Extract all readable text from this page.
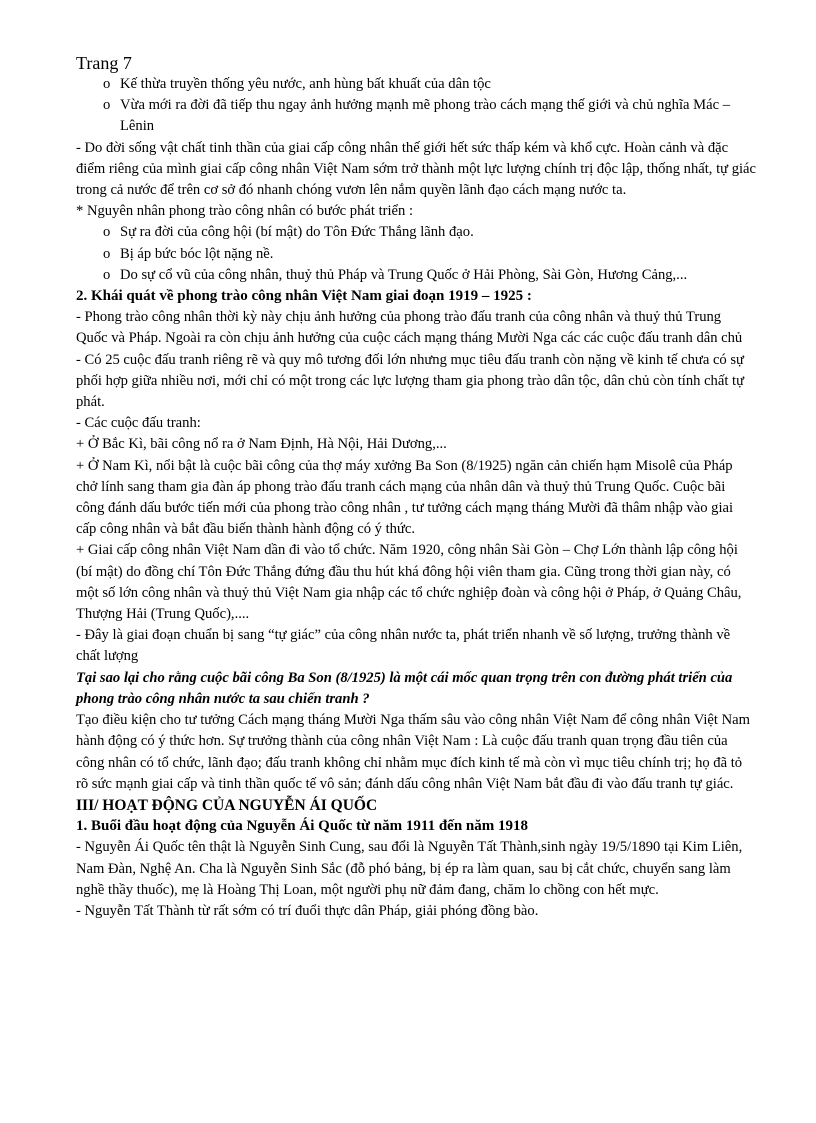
Trang 7
o Kế thừa truyền thống yêu nước, anh hùng bất khuất của dân tộc
o Vừa mới ra đời đã tiếp thu ngay ảnh hưởng mạnh mẽ phong trào cách mạng thế giới và chủ nghĩa Mác – Lênin
- Do đời sống vật chất tinh thần của giai cấp công nhân thế giới hết sức thấp kém và khổ cực. Hoàn cảnh và đặc điểm riêng của mình giai cấp công nhân Việt Nam sớm trở thành một lực lượng chính trị độc lập, thống nhất, tự giác trong cả nước để trên cơ sở đó nhanh chóng vươn lên nắm quyền lãnh đạo cách mạng nước ta.
* Nguyên nhân phong trào công nhân có bước phát triển :
o Sự ra đời của công hội (bí mật) do Tôn Đức Thắng lãnh đạo.
o Bị áp bức bóc lột nặng nề.
o Do sự cổ vũ của công nhân, thuỷ thủ Pháp và Trung Quốc ở Hải Phòng, Sài Gòn, Hương Cảng,...
2. Khái quát về phong trào công nhân Việt Nam giai đoạn 1919 – 1925 :
- Phong trào công nhân thời kỳ này chịu ảnh hưởng của phong trào đấu tranh của công nhân và thuỷ thủ Trung Quốc và Pháp. Ngoài ra còn chịu ảnh hưởng của cuộc cách mạng tháng Mười Nga các các cuộc đấu tranh dân chủ
- Có 25 cuộc đấu tranh riêng rẽ và quy mô tương đối lớn nhưng mục tiêu đấu tranh còn nặng về kinh tế chưa có sự phối hợp giữa nhiều nơi, mới chỉ có một trong các lực lượng tham gia phong trào dân tộc, dân chủ còn tính chất tự phát.
- Các cuộc đấu tranh:
+ Ở Bắc Kì, bãi công nổ ra ở Nam Định, Hà Nội, Hải Dương,...
+ Ở Nam Kì, nổi bật là cuộc bãi công của thợ máy xưởng Ba Son (8/1925) ngăn cản chiến hạm Misolê của Pháp chở lính sang tham gia đàn áp phong trào đấu tranh cách mạng của nhân dân và thuỷ thủ Trung Quốc. Cuộc bãi công đánh dấu bước tiến mới của phong trào công nhân , tư tưởng cách mạng tháng Mười đã thâm nhập vào giai cấp công nhân và bắt đầu biến thành hành động có ý thức.
+ Giai cấp công nhân Việt Nam dần đi vào tổ chức. Năm 1920, công nhân Sài Gòn – Chợ Lớn thành lập công hội (bí mật) do đồng chí Tôn Đức Thắng đứng đầu thu hút khá đông hội viên tham gia. Cũng trong thời gian này, có một số lớn công nhân và thuỷ thủ Việt Nam gia nhập các tổ chức nghiệp đoàn và công hội ở Pháp, ở Quảng Châu, Thượng Hải (Trung Quốc),....
- Đây là giai đoạn chuẩn bị sang “tự giác” của công nhân nước ta, phát triển nhanh về số lượng, trưởng thành về chất lượng
Tại sao lại cho rằng cuộc bãi công Ba Son (8/1925) là một cái mốc quan trọng trên con đường phát triển của phong trào công nhân nước ta sau chiến tranh ?
Tạo điều kiện cho tư tưởng Cách mạng tháng Mười Nga thấm sâu vào công nhân Việt Nam để công nhân Việt Nam hành động có ý thức hơn. Sự trưởng thành của công nhân Việt Nam : Là cuộc đấu tranh quan trọng đầu tiên của công nhân có tổ chức, lãnh đạo; đấu tranh không chỉ nhằm mục đích kinh tế mà còn vì mục tiêu chính trị; họ đã tỏ rõ sức mạnh giai cấp và tinh thần quốc tế vô sản; đánh dấu công nhân Việt Nam bắt đầu đi vào đấu tranh tự giác.
III/ HOẠT ĐỘNG CỦA NGUYỄN ÁI QUỐC
1. Buổi đầu hoạt động của Nguyễn Ái Quốc từ năm 1911 đến năm 1918
- Nguyễn Ái Quốc tên thật là Nguyễn Sinh Cung, sau đổi là Nguyễn Tất Thành,sinh ngày 19/5/1890 tại Kim Liên, Nam Đàn, Nghệ An. Cha là Nguyễn Sinh Sắc (đỗ phó bảng, bị ép ra làm quan, sau bị cắt chức, chuyển sang làm nghề thầy thuốc), mẹ là Hoàng Thị Loan, một người phụ nữ đảm đang, chăm lo chồng con hết mực.
- Nguyễn Tất Thành từ rất sớm có trí đuổi thực dân Pháp, giải phóng đồng bào.
